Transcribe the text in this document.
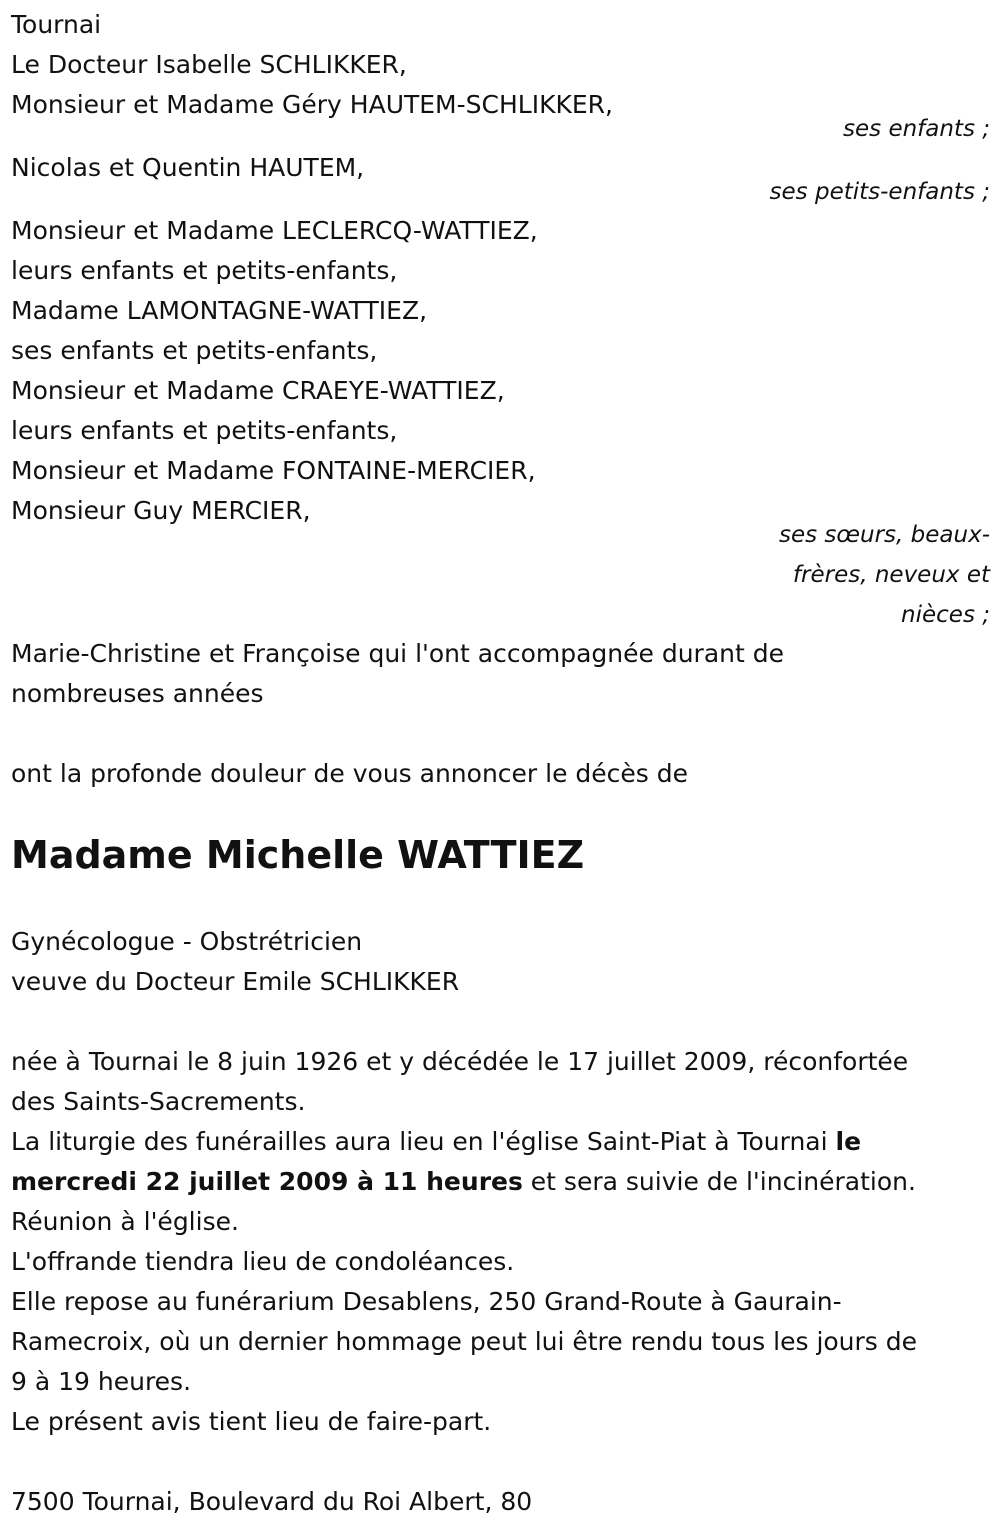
Tournai
Le Docteur Isabelle SCHLIKKER,
Monsieur et Madame Géry HAUTEM-SCHLIKKER,
ses enfants ;
Nicolas et Quentin HAUTEM,
ses petits-enfants ;
Monsieur et Madame LECLERCQ-WATTIEZ,
leurs enfants et petits-enfants,
Madame LAMONTAGNE-WATTIEZ,
ses enfants et petits-enfants,
Monsieur et Madame CRAEYE-WATTIEZ,
leurs enfants et petits-enfants,
Monsieur et Madame FONTAINE-MERCIER,
Monsieur Guy MERCIER,
ses sœurs, beaux-
frères, neveux et
nièces ;
Marie-Christine et Françoise qui l'ont accompagnée durant de
nombreuses années
ont la profonde douleur de vous annoncer le décès de
Madame Michelle WATTIEZ
Gynécologue - Obstrétricien
veuve du Docteur Emile SCHLIKKER
née à Tournai le 8 juin 1926 et y décédée le 17 juillet 2009, réconfortée
des Saints-Sacrements.
La liturgie des funérailles aura lieu en l'église Saint-Piat à Tournai le
mercredi 22 juillet 2009 à 11 heures et sera suivie de l'incinération.
Réunion à l'église.
L'offrande tiendra lieu de condoléances.
Elle repose au funérarium Desablens, 250 Grand-Route à Gaurain-
Ramecroix, où un dernier hommage peut lui être rendu tous les jours de
9 à 19 heures.
Le présent avis tient lieu de faire-part.
7500 Tournai, Boulevard du Roi Albert, 80
